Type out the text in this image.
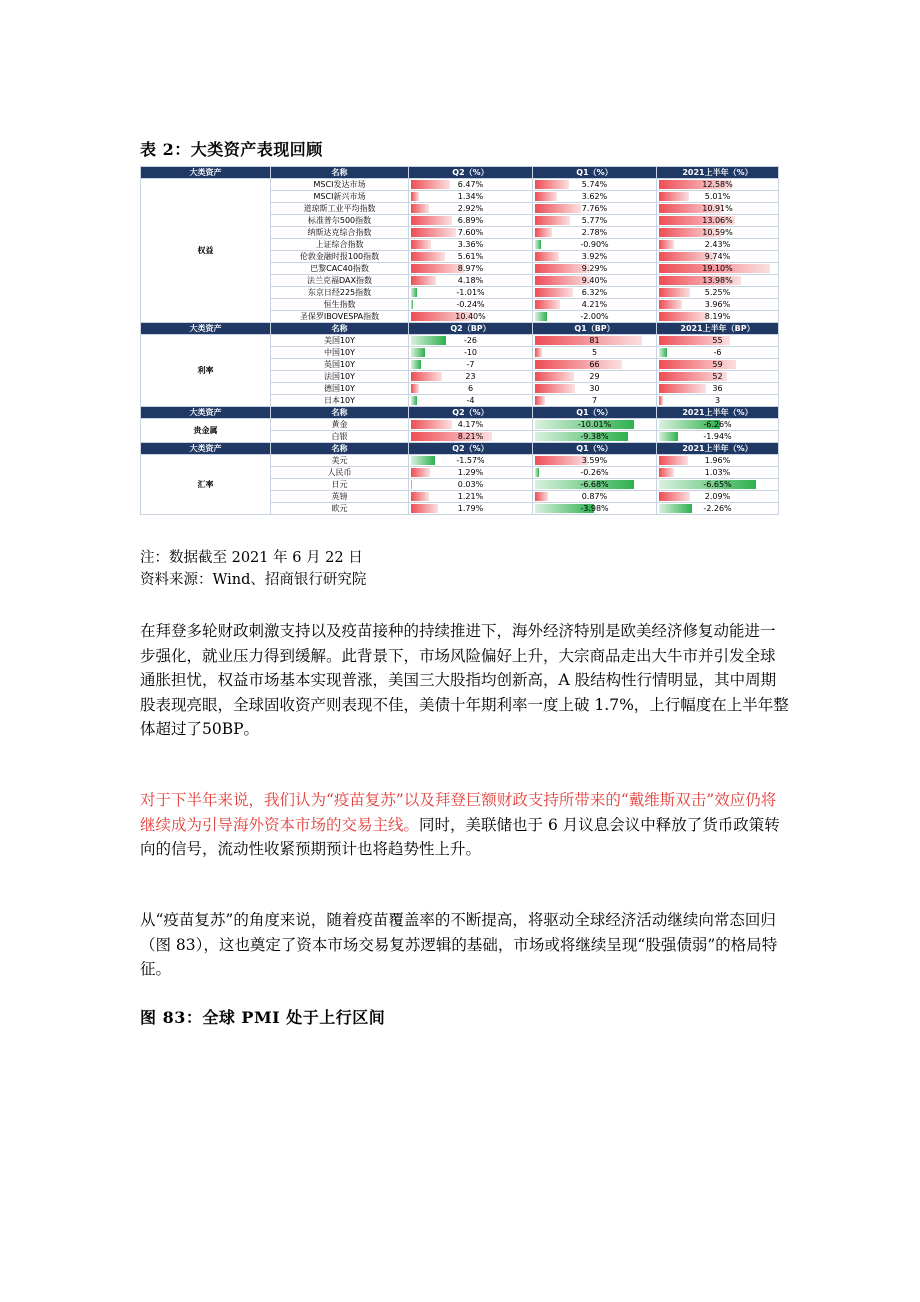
表 2：大类资产表现回顾
大类资产	名称	Q2（%）	Q1（%）	2021上半年（%）
权益	MSCI发达市场	6.47%	5.74%	12.58%

	MSCI新兴市场	1.34%	3.62%	5.01%

	道琼斯工业平均指数	2.92%	7.76%	10.91%

	标准普尔500指数	6.89%	5.77%	13.06%

	纳斯达克综合指数	7.60%	2.78%	10.59%

	上证综合指数	3.36%	-0.90%	2.43%

	伦敦金融时报100指数	5.61%	3.92%	9.74%

	巴黎CAC40指数	8.97%	9.29%	19.10%

	法兰克福DAX指数	4.18%	9.40%	13.98%

	东京日经225指数	-1.01%	6.32%	5.25%

	恒生指数	-0.24%	4.21%	3.96%

	圣保罗IBOVESPA指数	10.40%	-2.00%	8.19%

大类资产	名称	Q2（BP）	Q1（BP）	2021上半年（BP）
利率	美国10Y	-26	81	55

	中国10Y	-10	5	-6

	英国10Y	-7	66	59

	法国10Y	23	29	52

	德国10Y	6	30	36

	日本10Y	-4	7	3

大类资产	名称	Q2（%）	Q1（%）	2021上半年（%）
贵金属	黄金	4.17%	-10.01%	-6.26%

	白银	8.21%	-9.38%	-1.94%

大类资产	名称	Q2（%）	Q1（%）	2021上半年（%）
汇率	美元	-1.57%	3.59%	1.96%

	人民币	1.29%	-0.26%	1.03%

	日元	0.03%	-6.68%	-6.65%

	英镑	1.21%	0.87%	2.09%

	欧元	1.79%	-3.98%	-2.26%
注：数据截至 2021 年 6 月 22 日
资料来源：Wind、招商银行研究院

在拜登多轮财政刺激支持以及疫苗接种的持续推进下，海外经济特别是欧美经济修复动能进一步强化，就业压力得到缓解。此背景下，市场风险偏好上升，大宗商品走出大牛市并引发全球通胀担忧，权益市场基本实现普涨，美国三大股指均创新高，A 股结构性行情明显，其中周期股表现亮眼，全球固收资产则表现不佳，美债十年期利率一度上破 1.7%，上行幅度在上半年整体超过了50BP。

对于下半年来说，我们认为“疫苗复苏”以及拜登巨额财政支持所带来的“戴维斯双击”效应仍将继续成为引导海外资本市场的交易主线。同时，美联储也于 6 月议息会议中释放了货币政策转向的信号，流动性收紧预期预计也将趋势性上升。

从“疫苗复苏”的角度来说，随着疫苗覆盖率的不断提高，将驱动全球经济活动继续向常态回归（图 83），这也奠定了资本市场交易复苏逻辑的基础，市场或将继续呈现“股强债弱”的格局特征。

图 83：全球 PMI 处于上行区间
